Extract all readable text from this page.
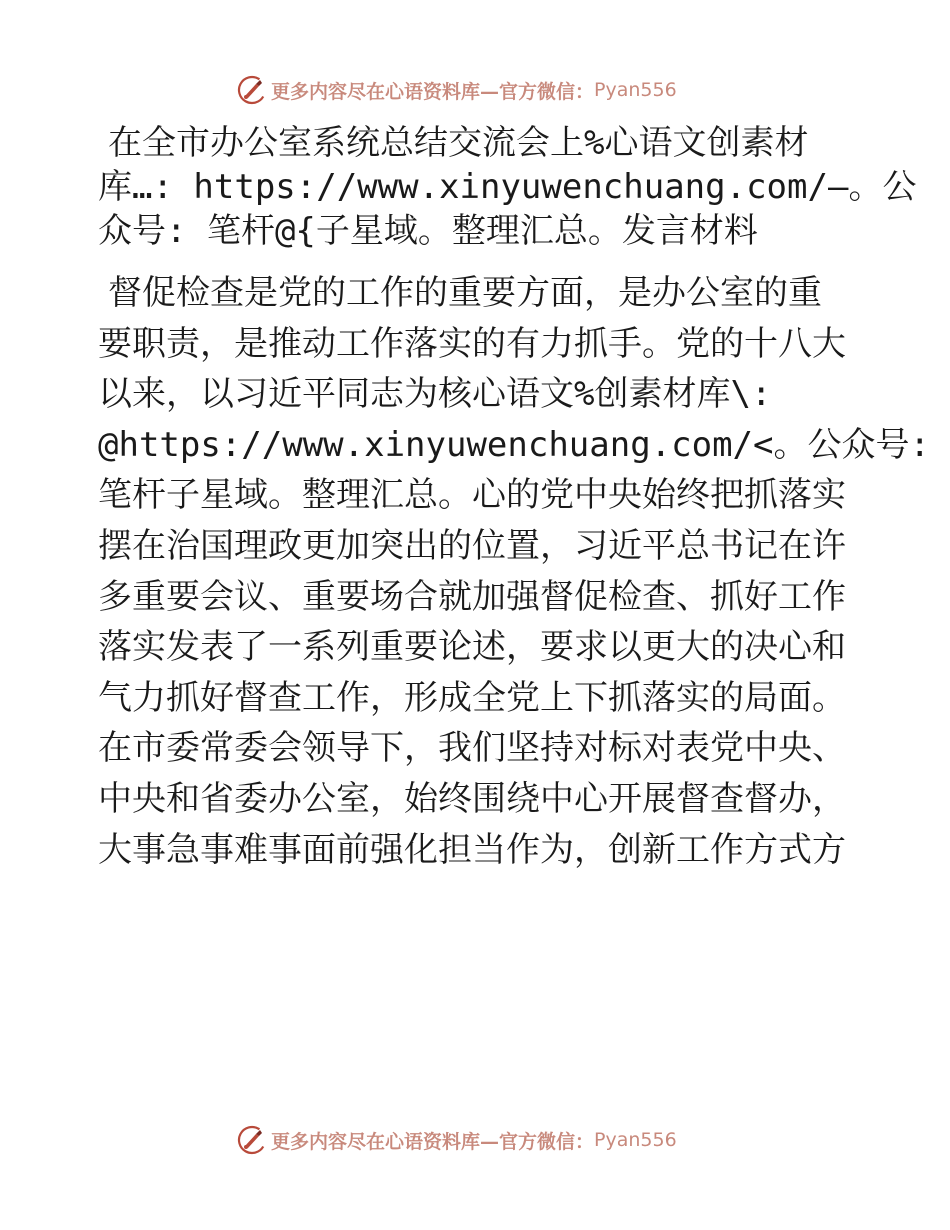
更多内容尽在心语资料库—官方微信： Pyan556
在全市办公室系统总结交流会上%心语文创素材
库…: https://www.xinyuwenchuang.com/—。公
众号: 笔杆@{子星域。整理汇总。发言材料
督促检查是党的工作的重要方面，是办公室的重
要职责，是推动工作落实的有力抓手。党的十八大
以来，以习近平同志为核心语文%创素材库\:
@https://www.xinyuwenchuang.com/<。公众号:
笔杆子星域。整理汇总。心的党中央始终把抓落实
摆在治国理政更加突出的位置，习近平总书记在许
多重要会议、重要场合就加强督促检查、抓好工作
落实发表了一系列重要论述，要求以更大的决心和
气力抓好督查工作，形成全党上下抓落实的局面。
在市委常委会领导下，我们坚持对标对表党中央、
中央和省委办公室，始终围绕中心开展督查督办，
大事急事难事面前强化担当作为，创新工作方式方
更多内容尽在心语资料库—官方微信： Pyan556
